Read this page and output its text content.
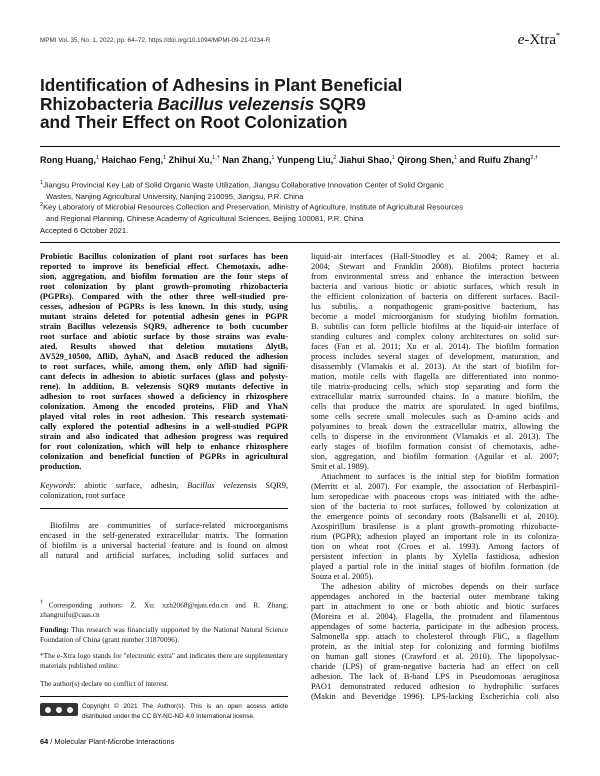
MPMI Vol. 35, No. 1, 2022, pp. 64–72, https://doi.org/10.1094/MPMI-09-21-0234-R	e-Xtra*
Identification of Adhesins in Plant Beneficial
Rhizobacteria Bacillus velezensis SQR9
and Their Effect on Root Colonization
Rong Huang,$^1$ Haichao Feng,$^1$ Zhihui Xu,$^{1,\dagger}$ Nan Zhang,$^1$ Yunpeng Liu,$^2$ Jiahui Shao,$^1$ Qirong Shen,$^1$ and Ruifu Zhang$^{2,\dagger}$
$^1$Jiangsu Provincial Key Lab of Solid Organic Waste Utilization, Jiangsu Collaborative Innovation Center of Solid Organic
Wastes, Nanjing Agricultural University, Nanjing 210095, Jiangsu, P.R. China
$^2$Key Laboratory of Microbial Resources Collection and Preservation, Ministry of Agriculture, Institute of Agricultural Resources
and Regional Planning, Chinese Academy of Agricultural Sciences, Beijing 100081, P.R. China
Accepted 6 October 2021.
Probiotic Bacillus colonization of plant root surfaces has been
reported to improve its beneficial effect. Chemotaxis, adhe-
sion, aggregation, and biofilm formation are the four steps of
root colonization by plant growth–promoting rhizobacteria
(PGPRs). Compared with the other three well-studied pro-
cesses, adhesion of PGPRs is less known. In this study, using
mutant strains deleted for potential adhesin genes in PGPR
strain Bacillus velezensis SQR9, adherence to both cucumber
root surface and abiotic surface by those strains was evalu-
ated. Results showed that deletion mutations ΔlytB,
ΔV529_10500, ΔfliD, ΔyhaN, and ΔsacB reduced the adhesion
to root surfaces, while, among them, only ΔfliD had signifi-
cant defects in adhesion to abiotic surfaces (glass and polysty-
rene). In addition, B. velezensis SQR9 mutants defective in
adhesion to root surfaces showed a deficiency in rhizosphere
colonization. Among the encoded proteins, FliD and YhaN
played vital roles in root adhesion. This research systemati-
cally explored the potential adhesins in a well-studied PGPR
strain and also indicated that adhesion progress was required
for root colonization, which will help to enhance rhizosphere
colonization and beneficial function of PGPRs in agricultural
production.
Keywords: abiotic surface, adhesin, Bacillus velezensis SQR9,
colonization, root surface
Biofilms are communities of surface-related microorganisms
encased in the self-generated extracellular matrix. The formation
of biofilm is a universal bacterial feature and is found on almost
all natural and artificial surfaces, including solid surfaces and
†Corresponding authors: Z. Xu; xzh2068@njau.edu.cn and R. Zhang; zhangruifu@caas.cn
Funding: This research was financially supported by the National Natural Science Foundation of China (grant number 31870096).
*The e-Xtra logo stands for "electronic extra" and indicates there are supplementary materials published online.
The author(s) declare no conflict of interest.
Copyright © 2021 The Author(s). This is an open access article distributed under the CC BY-NC-ND 4.0 International license.
64 / Molecular Plant-Microbe Interactions
liquid-air interfaces (Hall-Stoodley et al. 2004; Ramey et al.
2004; Stewart and Franklin 2008). Biofilms protect bacteria
from environmental stress and enhance the interaction between
bacteria and various biotic or abiotic surfaces, which result in
the efficient colonization of bacteria on different surfaces. Bacil-
lus subtilis, a nonpathogenic gram-positive bacterium, has
become a model microorganism for studying biofilm formation.
B. subtilis can form pellicle biofilms at the liquid-air interface of
standing cultures and complex colony architectures on solid sur-
faces (Fan et al. 2011; Xu et al. 2014). The biofilm formation
process includes several stages of development, maturation, and
disassembly (Vlamakis et al. 2013). At the start of biofilm for-
mation, motile cells with flagella are differentiated into nonmo-
tile matrix-producing cells, which stop separating and form the
extracellular matrix surrounded chains. In a mature biofilm, the
cells that produce the matrix are sporulated. In aged biofilms,
some cells secrete small molecules such as D-amino acids and
polyamines to break down the extracellular matrix, allowing the
cells to disperse in the environment (Vlamakis et al. 2013). The
early stages of biofilm formation consist of chemotaxis, adhe-
sion, aggregation, and biofilm formation (Aguilar et al. 2007;
Smit et al. 1989).
Attachment to surfaces is the initial step for biofilm formation
(Merritt et al. 2007). For example, the association of Herbaspiril-
lum seropedicae with poaceous crops was initiated with the adhe-
sion of the bacteria to root surfaces, followed by colonization at
the emergence points of secondary roots (Balsanelli et al. 2010).
Azospirillum brasilense is a plant growth–promoting rhizobacte-
rium (PGPR); adhesion played an important role in its coloniza-
tion on wheat root (Croes et al. 1993). Among factors of
persistent infection in plants by Xylella fastidiosa, adhesion
played a partial role in the initial stages of biofilm formation (de
Souza et al. 2005).
The adhesion ability of microbes depends on their surface
appendages anchored in the bacterial outer membrane taking
part in attachment to one or both abiotic and biotic surfaces
(Moreira et al. 2004). Flagella, the protrudent and filamentous
appendages of some bacteria, participate in the adhesion process.
Salmonella spp. attach to cholesterol through FliC, a flagellum
protein, as the initial step for colonizing and forming biofilms
on human gall stones (Crawford et al. 2010). The lipopolysac-
charide (LPS) of gram-negative bacteria had an effect on cell
adhesion. The lack of B-band LPS in Pseudomonas aeruginosa
PAO1 demonstrated reduced adhesion to hydrophilic surfaces
(Makin and Beveridge 1996). LPS-lacking Escherichia coli also
